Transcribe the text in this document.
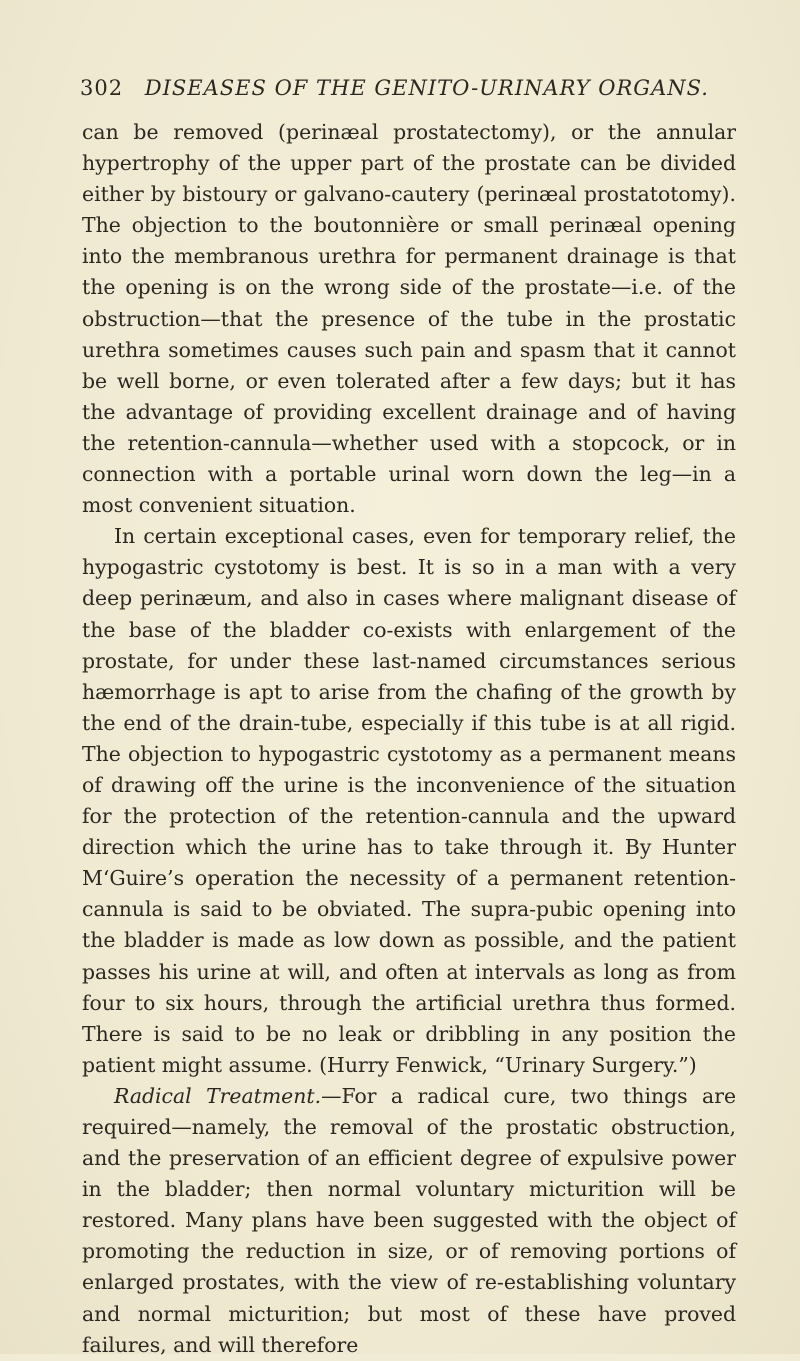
302 DISEASES OF THE GENITO-URINARY ORGANS.

can be removed (perinæal prostatectomy), or the annular hypertrophy of the upper part of the prostate can be divided either by bistoury or galvano-cautery (perinæal prostatotomy). The objection to the boutonnière or small perinæal opening into the membranous urethra for permanent drainage is that the opening is on the wrong side of the prostate—i.e. of the obstruction—that the presence of the tube in the prostatic urethra sometimes causes such pain and spasm that it cannot be well borne, or even tolerated after a few days; but it has the advantage of providing excellent drainage and of having the retention-cannula—whether used with a stopcock, or in connection with a portable urinal worn down the leg—in a most convenient situation.

In certain exceptional cases, even for temporary relief, the hypogastric cystotomy is best. It is so in a man with a very deep perinæum, and also in cases where malignant disease of the base of the bladder co-exists with enlargement of the prostate, for under these last-named circumstances serious hæmorrhage is apt to arise from the chafing of the growth by the end of the drain-tube, especially if this tube is at all rigid. The objection to hypogastric cystotomy as a permanent means of drawing off the urine is the inconvenience of the situation for the protection of the retention-cannula and the upward direction which the urine has to take through it. By Hunter M‘Guire’s operation the necessity of a permanent retention-cannula is said to be obviated. The supra-pubic opening into the bladder is made as low down as possible, and the patient passes his urine at will, and often at intervals as long as from four to six hours, through the artificial urethra thus formed. There is said to be no leak or dribbling in any position the patient might assume. (Hurry Fenwick, “Urinary Surgery.”)

Radical Treatment.—For a radical cure, two things are required—namely, the removal of the prostatic obstruction, and the preservation of an efficient degree of expulsive power in the bladder; then normal voluntary micturition will be restored. Many plans have been suggested with the object of promoting the reduction in size, or of removing portions of enlarged prostates, with the view of re-establishing voluntary and normal micturition; but most of these have proved failures, and will therefore
